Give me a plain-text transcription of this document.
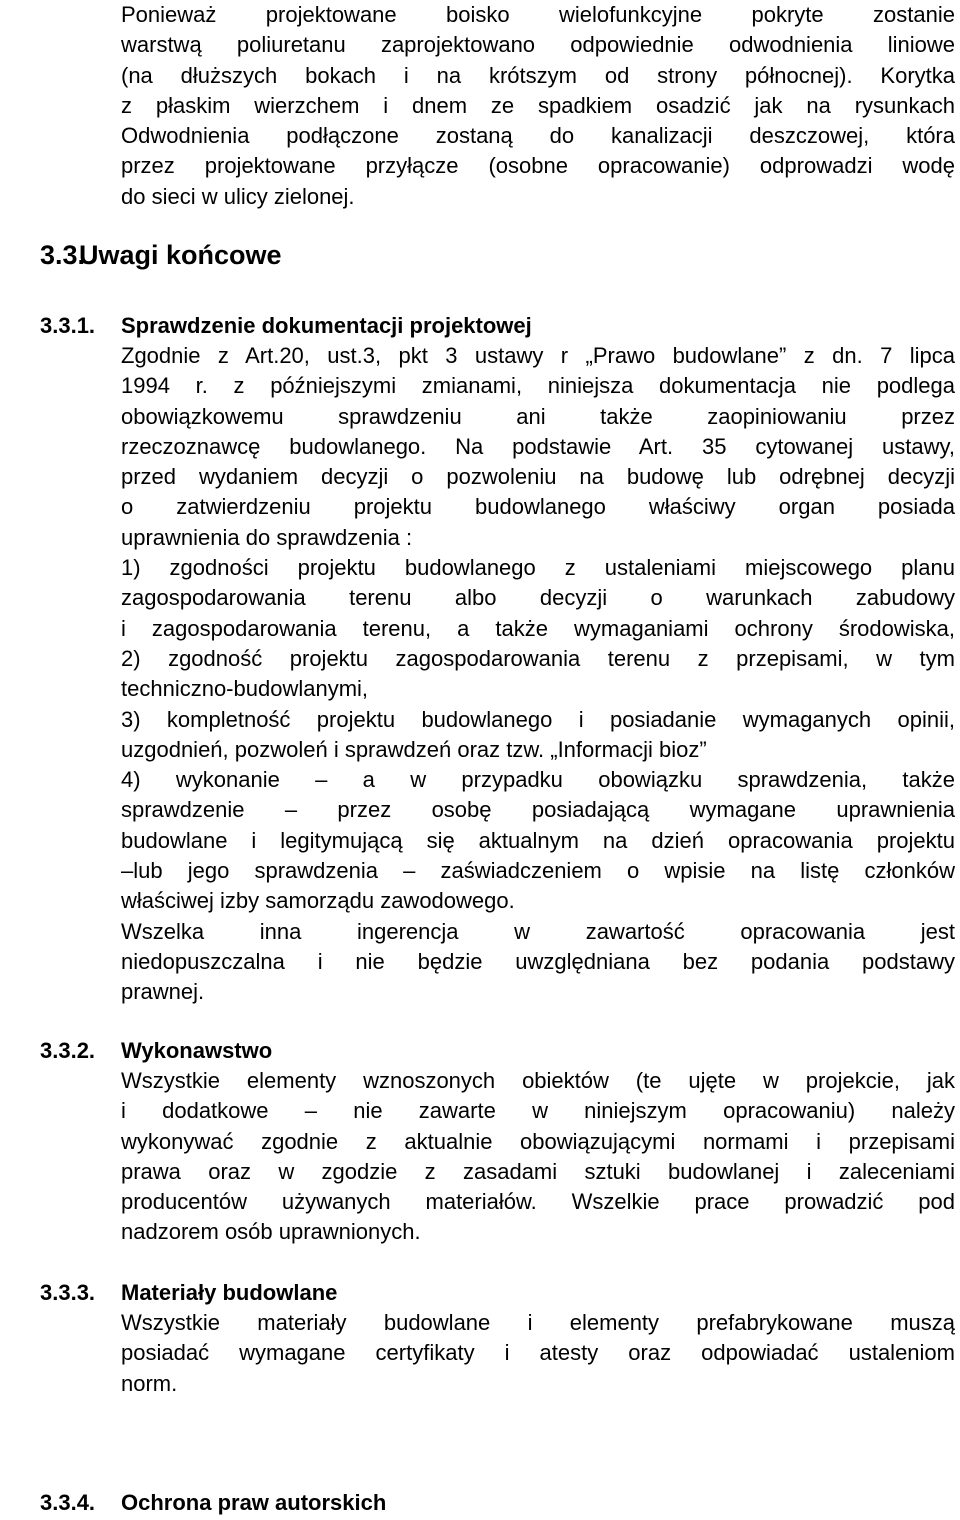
Ponieważ projektowane boisko wielofunkcyjne pokryte zostanie
warstwą poliuretanu zaprojektowano odpowiednie odwodnienia liniowe
(na dłuższych bokach i na krótszym od strony północnej). Korytka
z płaskim wierzchem i dnem ze spadkiem osadzić jak na rysunkach
Odwodnienia podłączone zostaną do kanalizacji deszczowej, która
przez projektowane przyłącze (osobne opracowanie) odprowadzi wodę
do sieci w ulicy zielonej.
3.3.
Uwagi końcowe
3.3.1. Sprawdzenie dokumentacji projektowej
Zgodnie z Art.20, ust.3, pkt 3 ustawy r „Prawo budowlane” z dn. 7 lipca
1994 r. z późniejszymi zmianami, niniejsza dokumentacja nie podlega
obowiązkowemu sprawdzeniu ani także zaopiniowaniu przez
rzeczoznawcę budowlanego. Na podstawie Art. 35 cytowanej ustawy,
przed wydaniem decyzji o pozwoleniu na budowę lub odrębnej decyzji
o zatwierdzeniu projektu budowlanego właściwy organ posiada
uprawnienia do sprawdzenia :
1) zgodności projektu budowlanego z ustaleniami miejscowego planu
zagospodarowania terenu albo decyzji o warunkach zabudowy
i zagospodarowania terenu, a także wymaganiami ochrony środowiska,
2) zgodność projektu zagospodarowania terenu z przepisami, w tym
techniczno-budowlanymi,
3) kompletność projektu budowlanego i posiadanie wymaganych opinii,
uzgodnień, pozwoleń i sprawdzeń oraz tzw. „Informacji bioz”
4) wykonanie – a w przypadku obowiązku sprawdzenia, także
sprawdzenie – przez osobę posiadającą wymagane uprawnienia
budowlane i legitymującą się aktualnym na dzień opracowania projektu
–lub jego sprawdzenia – zaświadczeniem o wpisie na listę członków
właściwej izby samorządu zawodowego.
Wszelka inna ingerencja w zawartość opracowania jest
niedopuszczalna i nie będzie uwzględniana bez podania podstawy
prawnej.
3.3.2. Wykonawstwo
Wszystkie elementy wznoszonych obiektów (te ujęte w projekcie, jak
i dodatkowe – nie zawarte w niniejszym opracowaniu) należy
wykonywać zgodnie z aktualnie obowiązującymi normami i przepisami
prawa oraz w zgodzie z zasadami sztuki budowlanej i zaleceniami
producentów używanych materiałów. Wszelkie prace prowadzić pod
nadzorem osób uprawnionych.
3.3.3. Materiały budowlane
Wszystkie materiały budowlane i elementy prefabrykowane muszą
posiadać wymagane certyfikaty i atesty oraz odpowiadać ustaleniom
norm.
3.3.4. Ochrona praw autorskich
